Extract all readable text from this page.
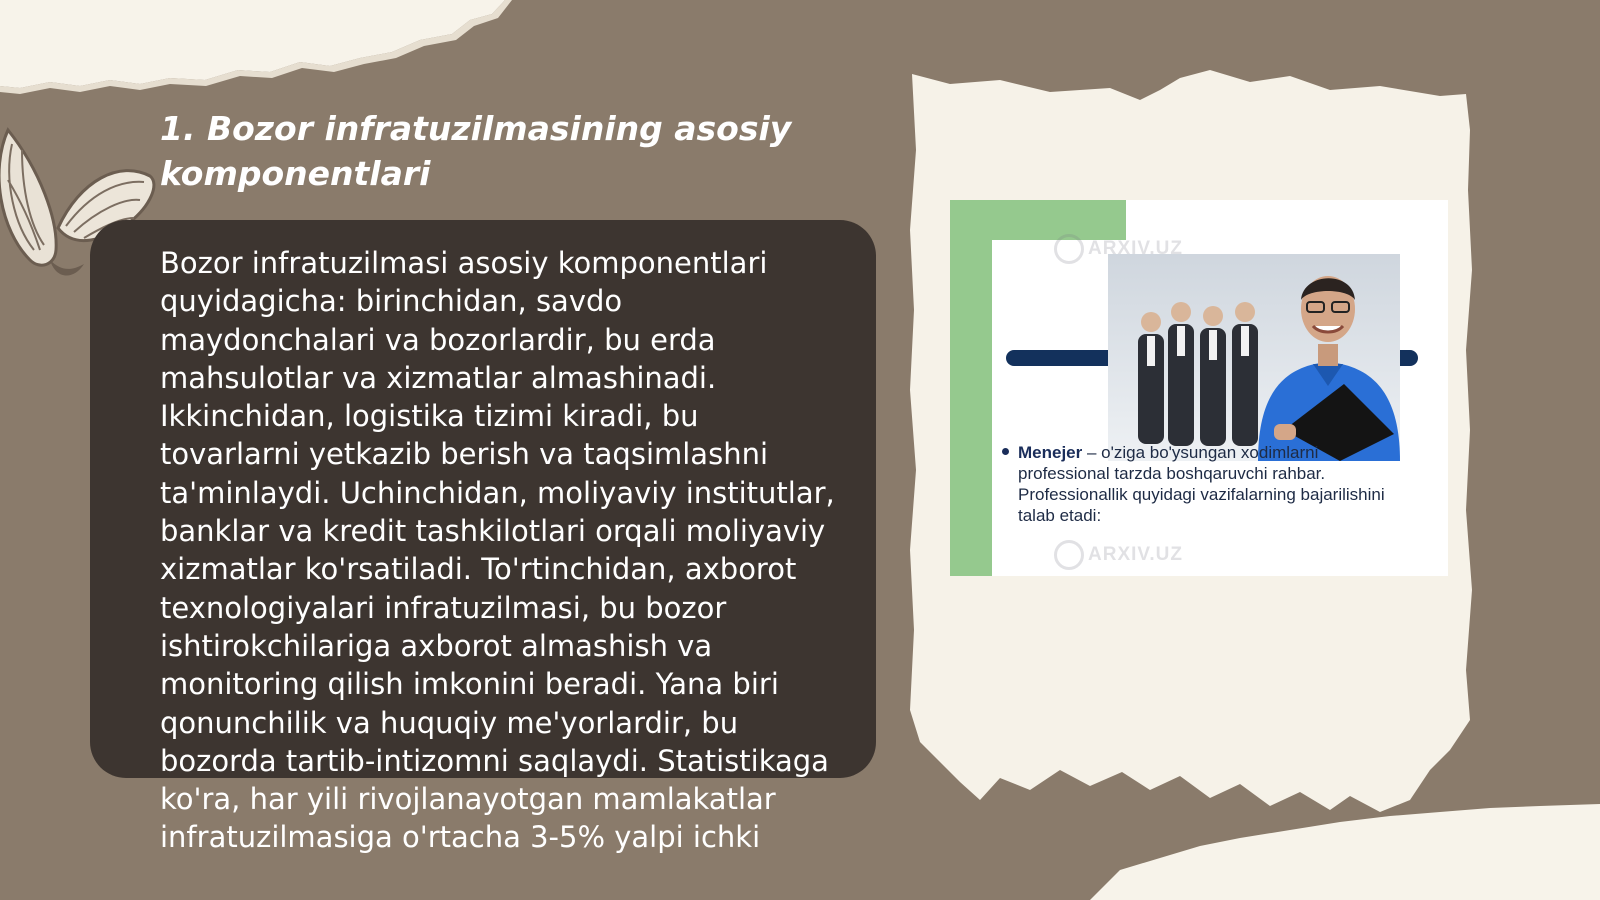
1. Bozor infratuzilmasining asosiy komponentlari

Bozor infratuzilmasi asosiy komponentlari quyidagicha: birinchidan, savdo maydonchalari va bozorlardir, bu erda mahsulotlar va xizmatlar almashinadi. Ikkinchidan, logistika tizimi kiradi, bu tovarlarni yetkazib berish va taqsimlashni ta'minlaydi. Uchinchidan, moliyaviy institutlar, banklar va kredit tashkilotlari orqali moliyaviy xizmatlar ko'rsatiladi. To'rtinchidan, axborot texnologiyalari infratuzilmasi, bu bozor ishtirokchilariga axborot almashish va monitoring qilish imkonini beradi. Yana biri qonunchilik va huquqiy me'yorlardir, bu bozorda tartib-intizomni saqlaydi. Statistikaga ko'ra, har yili rivojlanayotgan mamlakatlar infratuzilmasiga o'rtacha 3-5% yalpi ichki

ARXIV.UZ

Menejer – o'ziga bo'ysungan xodimlarni professional tarzda boshqaruvchi rahbar. Professionallik quyidagi vazifalarning bajarilishini talab etadi:

ARXIV.UZ
